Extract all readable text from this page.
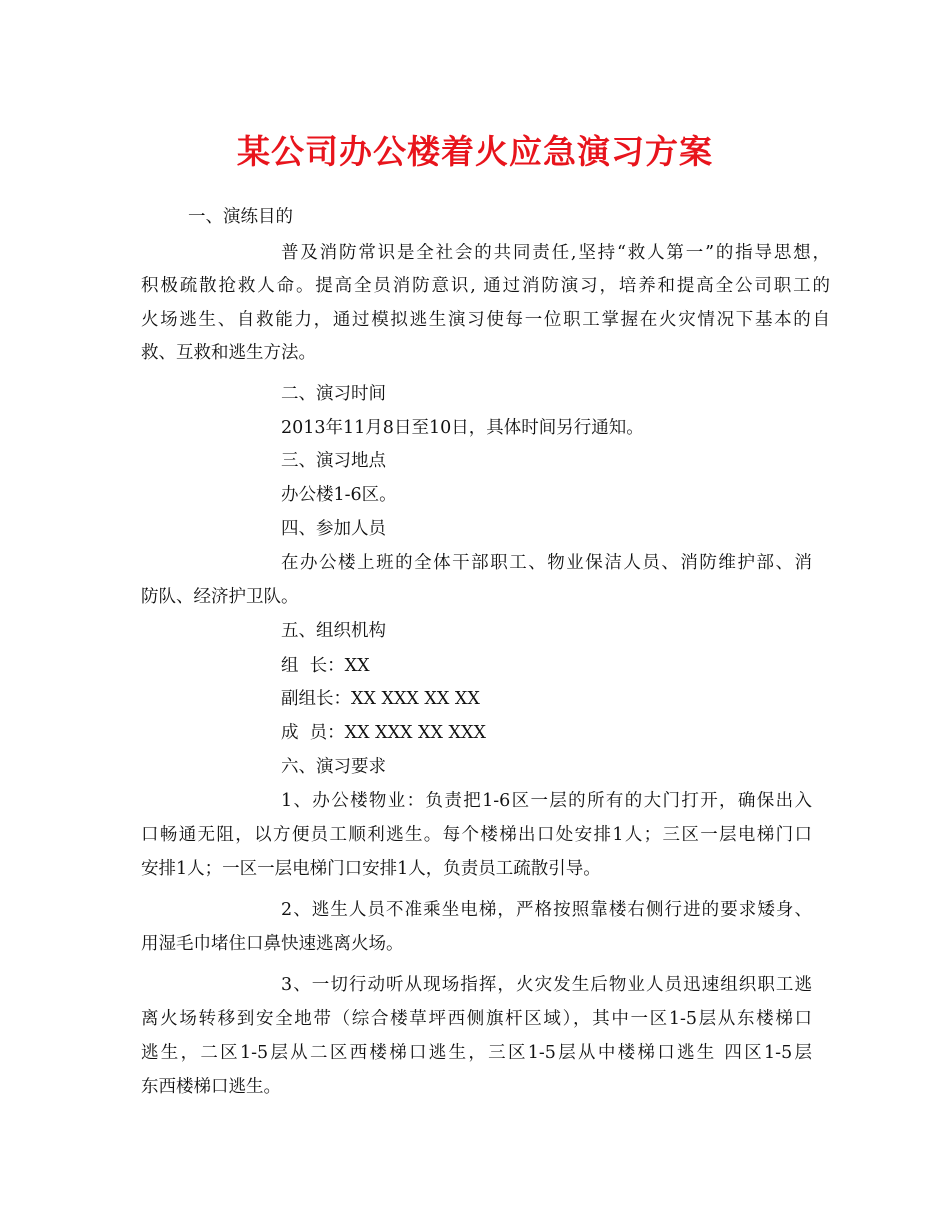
某公司办公楼着火应急演习方案

一、演练目的

普及消防常识是全社会的共同责任,坚持“救人第一”的指导思想，

积极疏散抢救人命。提高全员消防意识, 通过消防演习，培养和提高全公司职工的

火场逃生、自救能力，通过模拟逃生演习使每一位职工掌握在火灾情况下基本的自

救、互救和逃生方法。

二、演习时间

2013年11月8日至10日，具体时间另行通知。

三、演习地点

办公楼1-6区。

四、参加人员

在办公楼上班的全体干部职工、物业保洁人员、消防维护部、消

防队、经济护卫队。

五、组织机构

组  长：XX

副组长：XX XXX XX XX

成  员：XX XXX XX XXX

六、演习要求

1、办公楼物业：负责把1-6区一层的所有的大门打开，确保出入

口畅通无阻，以方便员工顺利逃生。每个楼梯出口处安排1人；三区一层电梯门口

安排1人；一区一层电梯门口安排1人，负责员工疏散引导。

2、逃生人员不准乘坐电梯，严格按照靠楼右侧行进的要求矮身、

用湿毛巾堵住口鼻快速逃离火场。

3、一切行动听从现场指挥，火灾发生后物业人员迅速组织职工逃

离火场转移到安全地带（综合楼草坪西侧旗杆区域），其中一区1-5层从东楼梯口

逃生，二区1-5层从二区西楼梯口逃生，三区1-5层从中楼梯口逃生 四区1-5层

东西楼梯口逃生。
